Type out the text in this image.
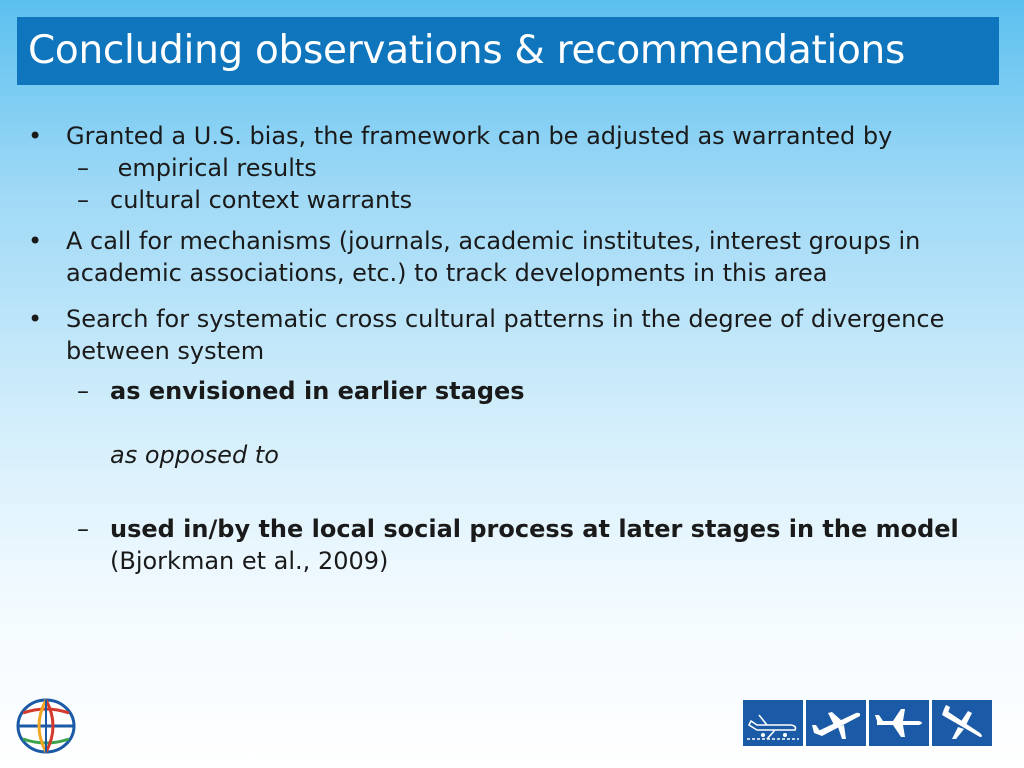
Concluding observations & recommendations
• Granted a U.S. bias, the framework can be adjusted as warranted by
– empirical results
– cultural context warrants
• A call for mechanisms (journals, academic institutes, interest groups in academic associations, etc.) to track developments in this area
• Search for systematic cross cultural patterns in the degree of divergence between system
– as envisioned in earlier stages
as opposed to
– used in/by the local social process at later stages in the model (Bjorkman et al., 2009)
